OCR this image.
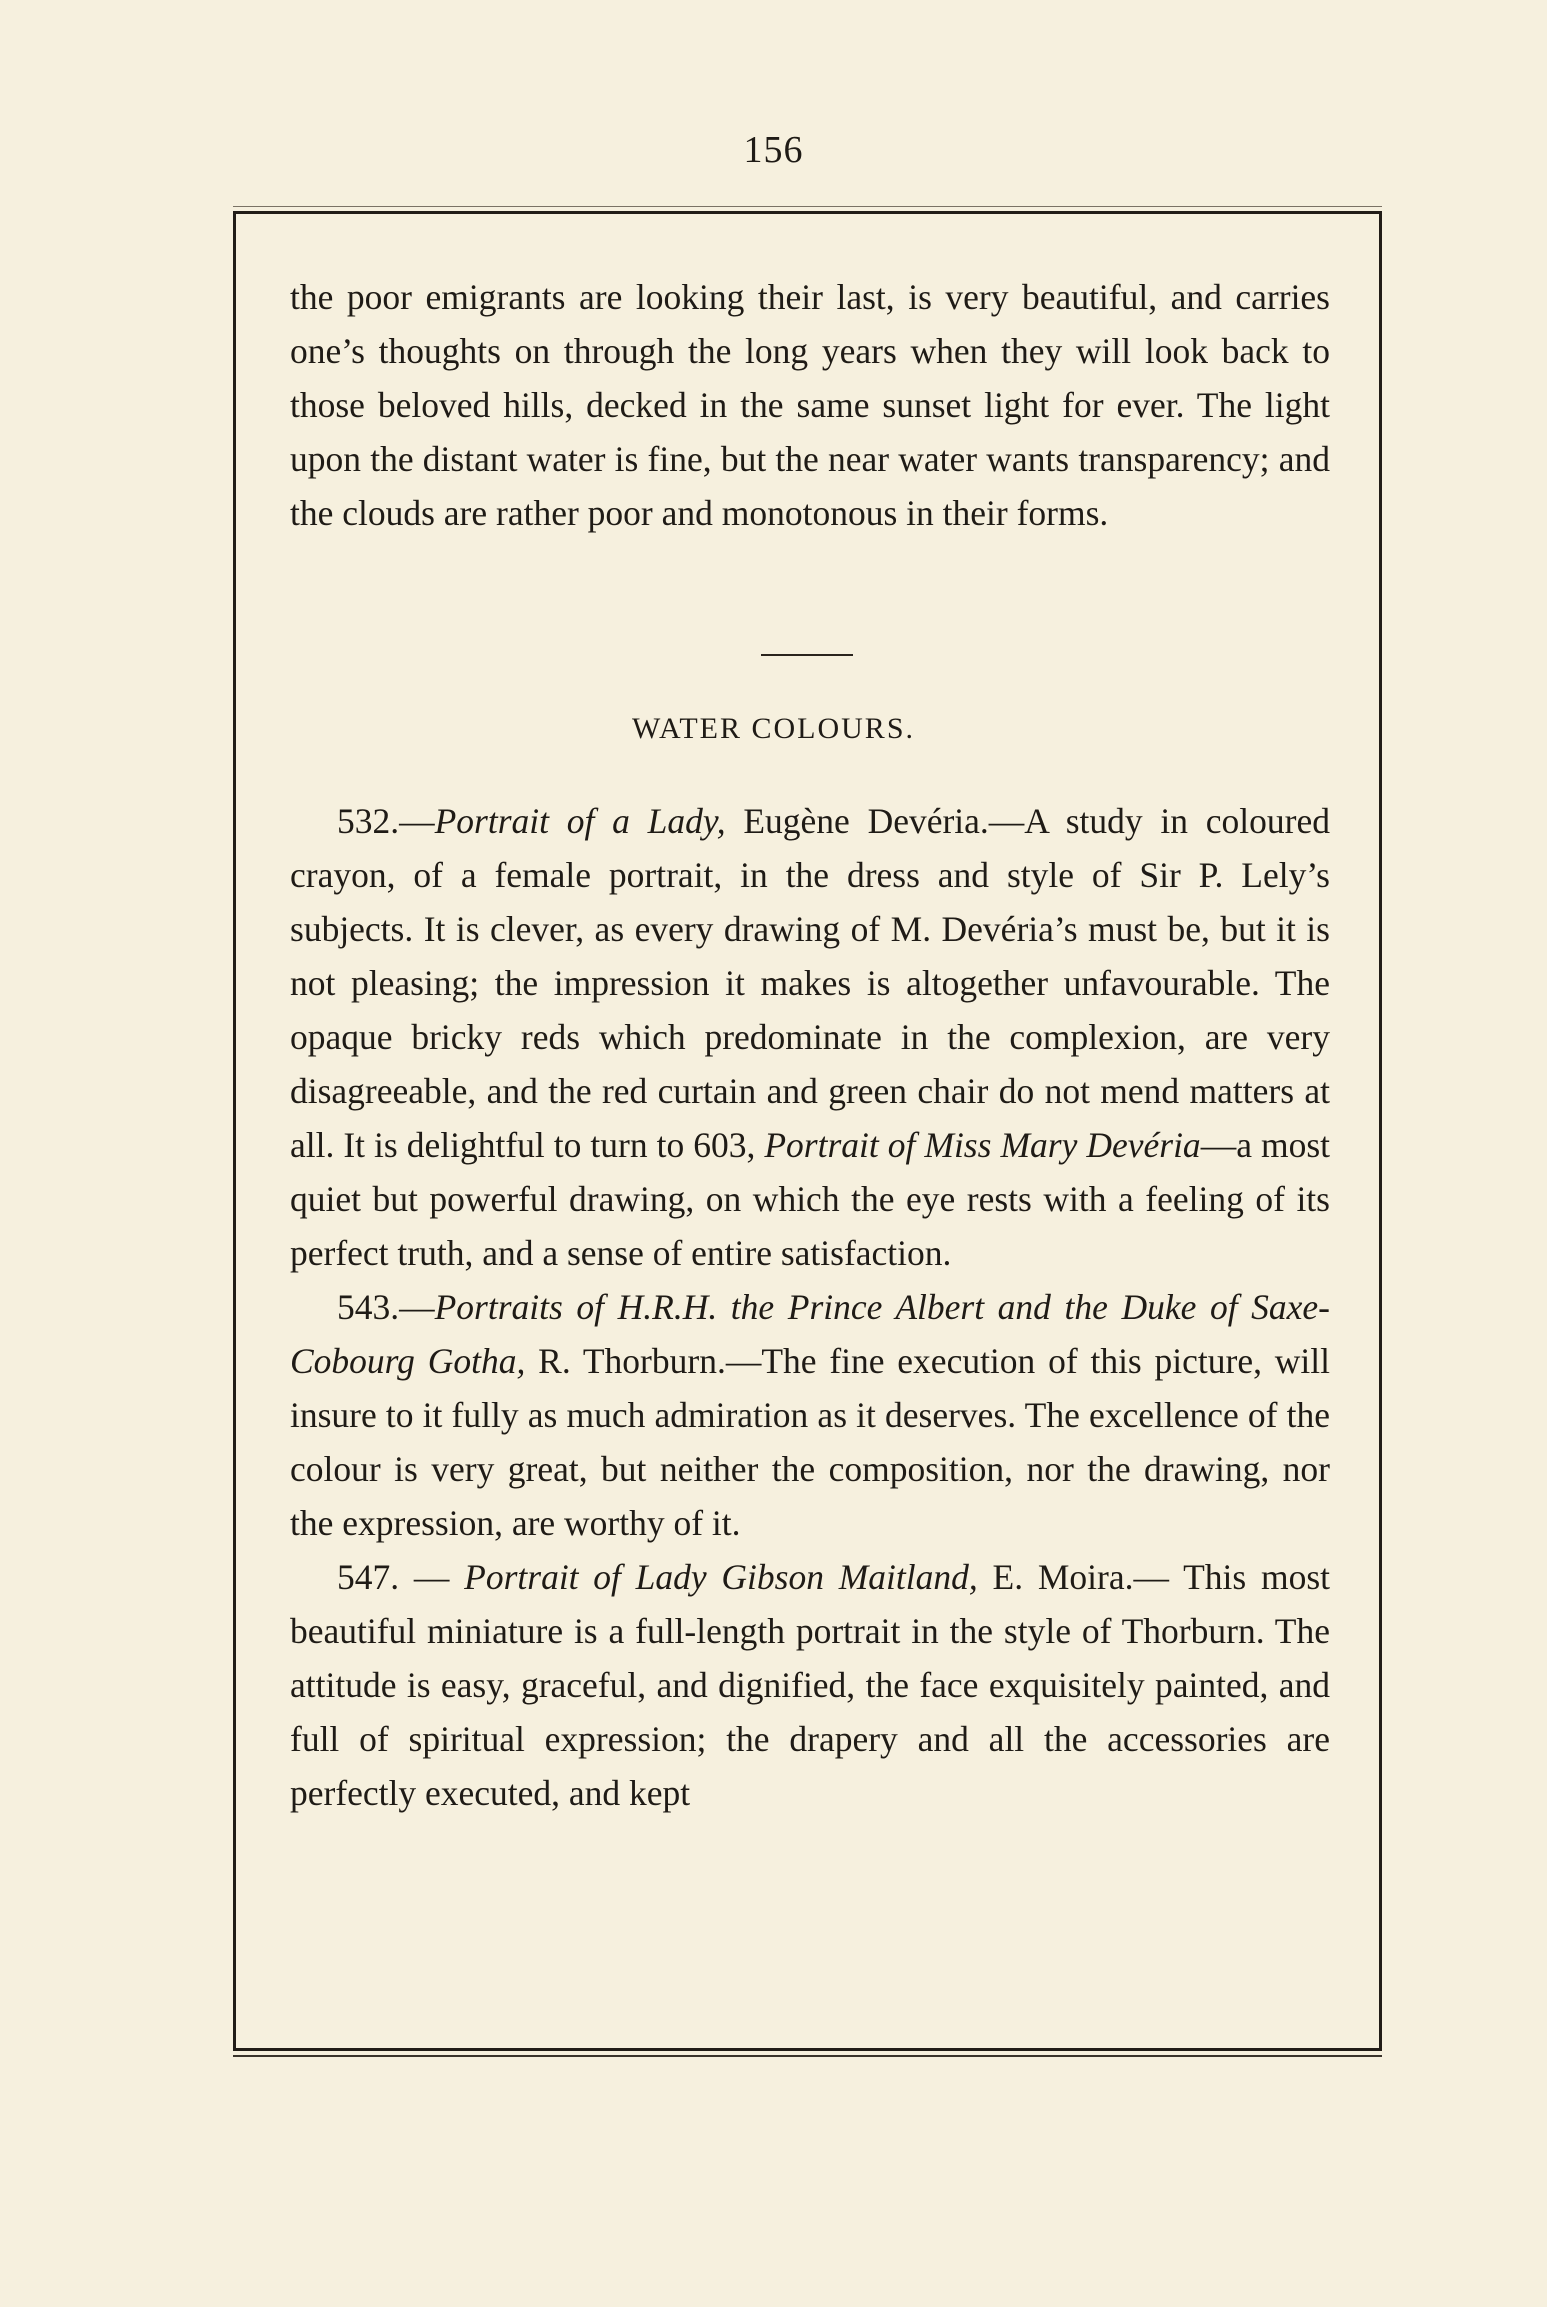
156

the poor emigrants are looking their last, is very beautiful, and carries one’s thoughts on through the long years when they will look back to those beloved hills, decked in the same sunset light for ever. The light upon the distant water is fine, but the near water wants transparency; and the clouds are rather poor and monotonous in their forms.

WATER COLOURS.

532.—Portrait of a Lady, Eugène Devéria.—A study in coloured crayon, of a female portrait, in the dress and style of Sir P. Lely’s subjects. It is clever, as every drawing of M. Devéria’s must be, but it is not pleasing; the impression it makes is altogether unfavourable. The opaque bricky reds which predominate in the complexion, are very disagreeable, and the red curtain and green chair do not mend matters at all. It is delightful to turn to 603, Portrait of Miss Mary Devéria—a most quiet but powerful drawing, on which the eye rests with a feeling of its perfect truth, and a sense of entire satisfaction.

543.—Portraits of H.R.H. the Prince Albert and the Duke of Saxe-Cobourg Gotha, R. Thorburn.—The fine execution of this picture, will insure to it fully as much admiration as it deserves. The excellence of the colour is very great, but neither the composition, nor the drawing, nor the expression, are worthy of it.

547. — Portrait of Lady Gibson Maitland, E. Moira.— This most beautiful miniature is a full-length portrait in the style of Thorburn. The attitude is easy, graceful, and dignified, the face exquisitely painted, and full of spiritual expression; the drapery and all the accessories are perfectly executed, and kept
